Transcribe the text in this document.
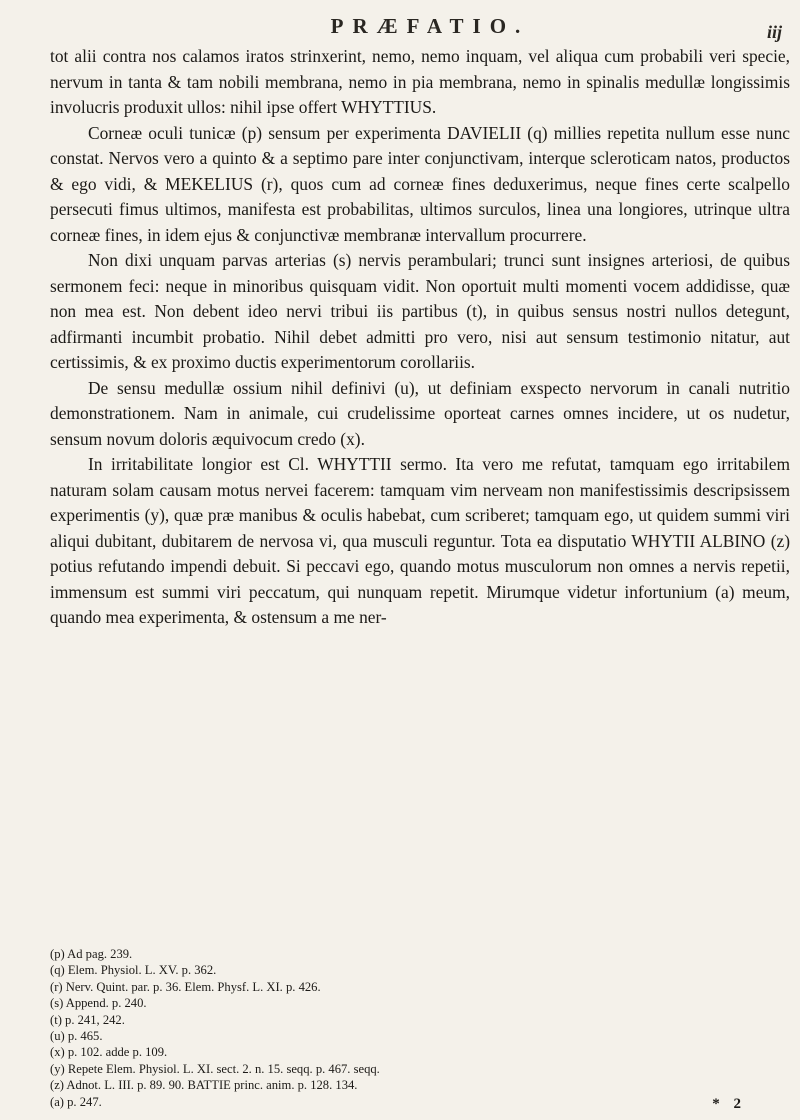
PRÆFATIO.	iij

tot alii contra nos calamos iratos strinxerint, nemo, nemo inquam, vel aliqua cum probabili veri specie, nervum in tanta & tam nobili membrana, nemo in pia membrana, nemo in spinalis medullæ longissimis involucris produxit ullos: nihil ipse offert WHYTTIUS.

Corneæ oculi tunicæ (p) sensum per experimenta DAVIELII (q) millies repetita nullum esse nunc constat. Nervos vero a quinto & a septimo pare inter conjunctivam, interque scleroticam natos, productos & ego vidi, & MEKELIUS (r), quos cum ad corneæ fines deduxerimus, neque fines certe scalpello persecuti fimus ultimos, manifesta est probabilitas, ultimos surculos, linea una longiores, utrinque ultra corneæ fines, in idem ejus & conjunctivæ membranæ intervallum procurrere.

Non dixi unquam parvas arterias (s) nervis perambulari; trunci sunt insignes arteriosi, de quibus sermonem feci: neque in minoribus quisquam vidit. Non oportuit multi momenti vocem addidisse, quæ non mea est. Non debent ideo nervi tribui iis partibus (t), in quibus sensus nostri nullos detegunt, adfirmanti incumbit probatio. Nihil debet admitti pro vero, nisi aut sensum testimonio nitatur, aut certissimis, & ex proximo ductis experimentorum corollariis.

De sensu medullæ ossium nihil definivi (u), ut definiam exspecto nervorum in canali nutritio demonstrationem. Nam in animale, cui crudelissime oporteat carnes omnes incidere, ut os nudetur, sensum novum doloris æquivocum credo (x).

In irritabilitate longior est Cl. WHYTTII sermo. Ita vero me refutat, tamquam ego irritabilem naturam solam causam motus nervei facerem: tamquam vim nerveam non manifestissimis descripsissem experimentis (y), quæ præ manibus & oculis habebat, cum scriberet; tamquam ego, ut quidem summi viri aliqui dubitant, dubitarem de nervosa vi, qua musculi reguntur. Tota ea disputatio WHYTII ALBINO (z) potius refutando impendi debuit. Si peccavi ego, quando motus musculorum non omnes a nervis repetii, immensum est summi viri peccatum, qui nunquam repetit. Mirumque videtur infortunium (a) meum, quando mea experimenta, & ostensum a me ner-

(p) Ad pag. 239.
(q) Elem. Physiol. L. XV. p. 362.
(r) Nerv. Quint. par. p. 36. Elem. Physf. L. XI. p. 426.
(s) Append. p. 240.
(t) p. 241, 242.
(u) p. 465.
(x) p. 102. adde p. 109.
(y) Repete Elem. Physiol. L. XI. sect. 2. n. 15. seqq. p. 467. seqq.
(z) Adnot. L. III. p. 89. 90. BATTIE princ. anim. p. 128. 134.
(a) p. 247.	* 2
